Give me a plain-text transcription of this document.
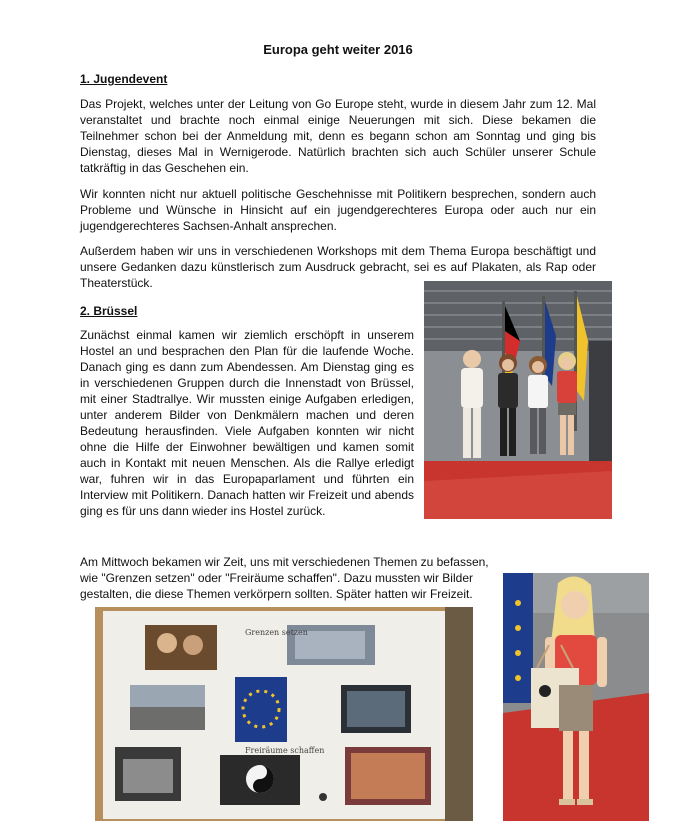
Europa geht weiter 2016
1. Jugendevent

Das Projekt, welches unter der Leitung von Go Europe steht, wurde in diesem Jahr zum 12. Mal veranstaltet und brachte noch einmal einige Neuerungen mit sich. Diese bekamen die Teilnehmer schon bei der Anmeldung mit, denn es begann schon am Sonntag und ging bis Dienstag, dieses Mal in Wernigerode. Natürlich brachten sich auch Schüler unserer Schule tatkräftig in das Geschehen ein.

Wir konnten nicht nur aktuell politische Geschehnisse mit Politikern besprechen, sondern auch Probleme und Wünsche in Hinsicht auf ein jugendgerechteres Europa oder auch nur ein jugendgerechteres Sachsen-Anhalt ansprechen.

Außerdem haben wir uns in verschiedenen Workshops mit dem Thema Europa beschäftigt und unsere Gedanken dazu künstlerisch zum Ausdruck gebracht, sei es auf Plakaten, als Rap oder Theaterstück.

2. Brüssel

Zunächst einmal kamen wir ziemlich erschöpft in unserem Hostel an und besprachen den Plan für die laufende Woche. Danach ging es dann zum Abendessen. Am Dienstag ging es in verschiedenen Gruppen durch die Innenstadt von Brüssel, mit einer Stadtrallye. Wir mussten einige Aufgaben erledigen, unter anderem Bilder von Denkmälern machen und deren Bedeutung herausfinden. Viele Aufgaben konnten wir nicht ohne die Hilfe der Einwohner bewältigen und kamen somit auch in Kontakt mit neuen Menschen. Als die Rallye erledigt war, fuhren wir in das Europaparlament und führten ein Interview mit Politikern. Danach hatten wir Freizeit und abends ging es für uns dann wieder ins Hostel zurück.

Am Mittwoch bekamen wir Zeit, uns mit verschiedenen Themen zu befassen, wie "Grenzen setzen" oder "Freiräume schaffen". Dazu mussten wir Bilder gestalten, die diese Themen verkörpern sollten. Später hatten wir Freizeit.

Grenzen setzen
Freiräume schaffen
